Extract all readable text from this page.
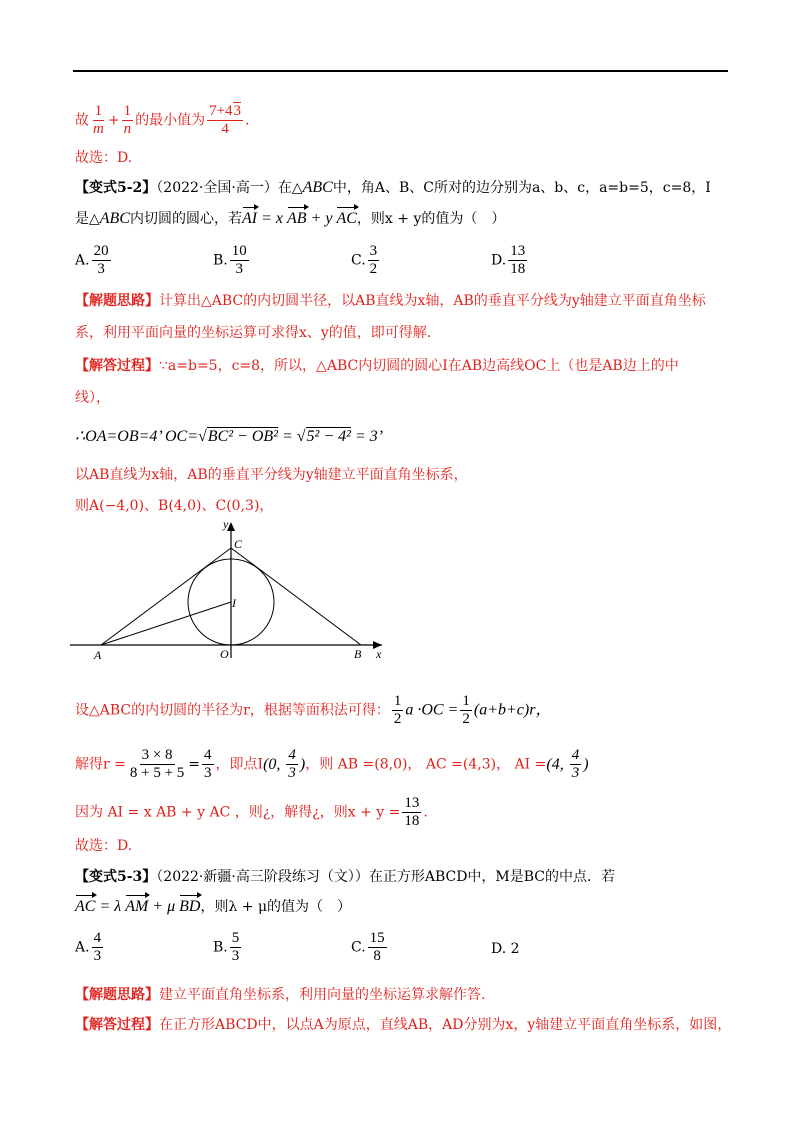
故 $\frac{1}{m} + \frac{1}{n}$ 的最小值为 $\frac{7+43}{4}$ .
故选：D.
【变式5-2】（2022·全国·高一）在△ABC中，角A、B、C所对的边分别为a、b、c，a=b=5，c=8，I
是△ABC内切圆的圆心，若AI = x AB + y AC，则x + y的值为（　）
A. $\frac{20}{3}$	B. $\frac{10}{3}$	C. $\frac{3}{2}$	D. $\frac{13}{18}$
【解题思路】计算出△ABC的内切圆半径，以AB直线为x轴，AB的垂直平分线为y轴建立平面直角坐标
系，利用平面向量的坐标运算可求得x、y的值，即可得解.
【解答过程】∵a=b=5，c=8，所以，△ABC内切圆的圆心I在AB边高线OC上（也是AB边上的中
线），
∴OA=OB=4’ OC=√BC² − OB² = √5² − 4² = 3’
以AB直线为x轴，AB的垂直平分线为y轴建立平面直角坐标系，
则A(−4,0)、B(4,0)、C(0,3)，
y
C
I
A	O	B x
设△ABC的内切圆的半径为r，根据等面积法可得： $\frac{1}{2}$ $a \cdot OC = \frac{1}{2} (a+b+c)r$，
解得$r = \frac{3 \times 8}{8 + 5 + 5} = \frac{4}{3}$ ，即点I(0, $\frac{4}{3}$ )，则 AB =(8,0)， AC =(4,3)， AI =(4, $\frac{4}{3}$ )
因为 AI = x AB + y AC ，则¿，解得¿，则$x + y = \frac{13}{18}$ .
故选：D.
【变式5-3】（2022·新疆·高三阶段练习（文））在正方形ABCD中，M是BC的中点．若
AC = λ AM + μ BD，则λ + μ的值为（　）
A. $\frac{4}{3}$	B. $\frac{5}{3}$	C. $\frac{15}{8}$	D. 2
【解题思路】建立平面直角坐标系，利用向量的坐标运算求解作答.
【解答过程】在正方形ABCD中，以点A为原点，直线AB，AD分别为x，y轴建立平面直角坐标系，如图，
